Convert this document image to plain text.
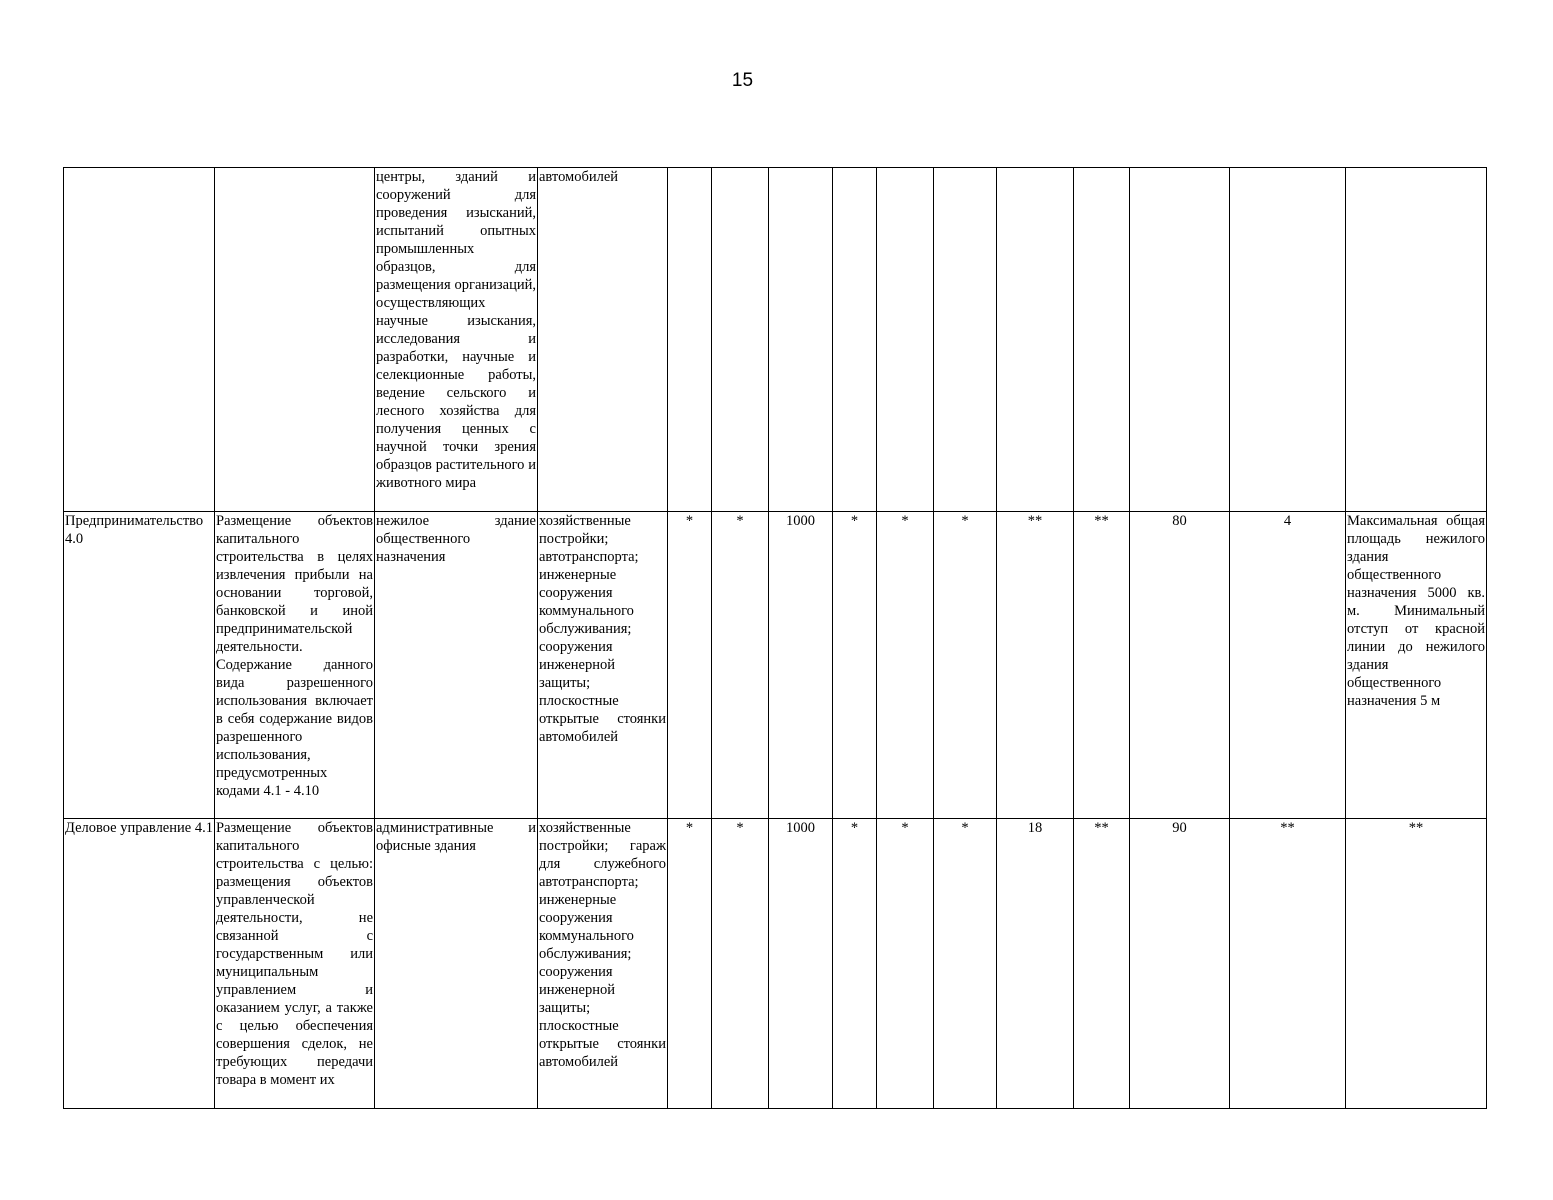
15
		центры, зданий и сооружений для проведения изысканий, испытаний опытных промышленных образцов, для размещения организаций, осуществляющих научные изыскания, исследования и разработки, научные и селекционные работы, ведение сельского и лесного хозяйства для получения ценных с научной точки зрения образцов растительного и животного мира	автомобилей											
Предпринимательство 4.0	Размещение объектов капитального строительства в целях извлечения прибыли на основании торговой, банковской и иной предпринимательской деятельности. Содержание данного вида разрешенного использования включает в себя содержание видов разрешенного использования, предусмотренных кодами 4.1 - 4.10	нежилое здание общественного назначения	хозяйственные постройки; автотранспорта; инженерные сооружения коммунального обслуживания; сооружения инженерной защиты; плоскостные открытые стоянки автомобилей	*	*	1000	*	*	*	**	**	80	4	Максимальная общая площадь нежилого здания общественного назначения 5000 кв. м. Минимальный отступ от красной линии до нежилого здания общественного назначения 5 м
Деловое управление 4.1	Размещение объектов капитального строительства с целью: размещения объектов управленческой деятельности, не связанной с государственным или муниципальным управлением и оказанием услуг, а также с целью обеспечения совершения сделок, не требующих передачи товара в момент их	административные и офисные здания	хозяйственные постройки; гараж для служебного автотранспорта; инженерные сооружения коммунального обслуживания; сооружения инженерной защиты; плоскостные открытые стоянки автомобилей	*	*	1000	*	*	*	18	**	90	**	**
